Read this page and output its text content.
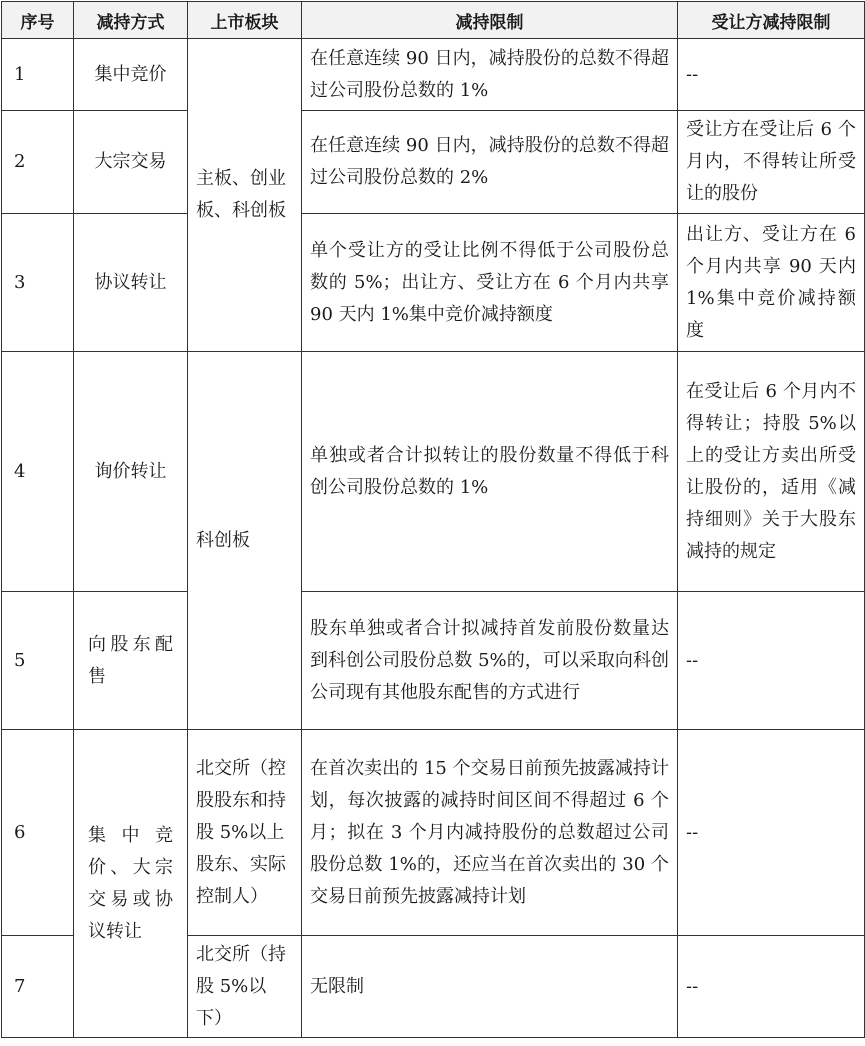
序号	减持方式	上市板块	减持限制	受让方减持限制
1	集中竞价	主板、创业板、科创板	在任意连续 90 日内，减持股份的总数不得超过公司股份总数的 1%	--
2	大宗交易		在任意连续 90 日内，减持股份的总数不得超过公司股份总数的 2%	受让方在受让后 6 个月内，不得转让所受让的股份
3	协议转让		单个受让方的受让比例不得低于公司股份总数的 5%；出让方、受让方在 6 个月内共享 90 天内 1%集中竞价减持额度	出让方、受让方在 6 个月内共享 90 天内 1%集中竞价减持额度
4	询价转让	科创板	单独或者合计拟转让的股份数量不得低于科创公司股份总数的 1%	在受让后 6 个月内不得转让；持股 5%以上的受让方卖出所受让股份的，适用《减持细则》关于大股东减持的规定
5	向股东配售		股东单独或者合计拟减持首发前股份数量达到科创公司股份总数 5%的，可以采取向科创公司现有其他股东配售的方式进行	--
6	集中竞价、大宗交易或协议转让	北交所（控股股东和持股 5%以上股东、实际控制人）	在首次卖出的 15 个交易日前预先披露减持计划，每次披露的减持时间区间不得超过 6 个月；拟在 3 个月内减持股份的总数超过公司股份总数 1%的，还应当在首次卖出的 30 个交易日前预先披露减持计划	--
7		北交所（持股 5%以下）	无限制	--
